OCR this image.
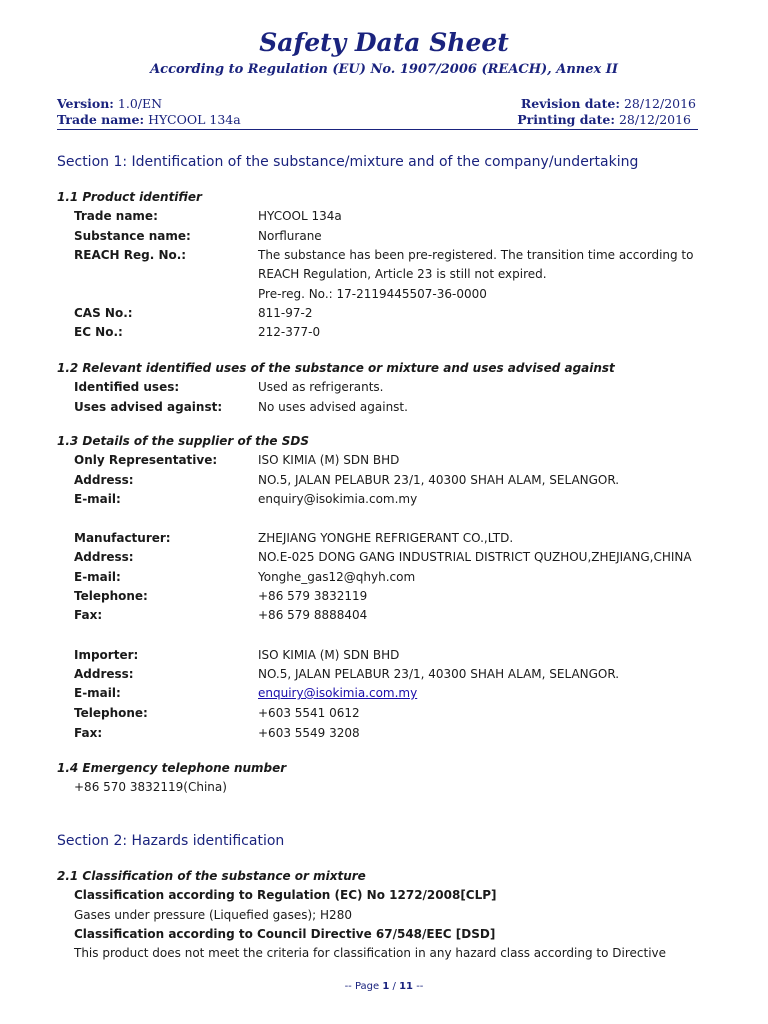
Safety Data Sheet
According to Regulation (EU) No. 1907/2006 (REACH), Annex II
Version: 1.0/EN
Trade name: HYCOOL 134a
Revision date: 28/12/2016
Printing date: 28/12/2016
Section 1: Identification of the substance/mixture and of the company/undertaking
1.1 Product identifier
Trade name:	HYCOOL 134a
Substance name:	Norflurane
REACH Reg. No.:	The substance has been pre-registered. The transition time according to
REACH Regulation, Article 23 is still not expired.
Pre-reg. No.: 17-2119445507-36-0000
CAS No.:	811-97-2
EC No.:	212-377-0
1.2 Relevant identified uses of the substance or mixture and uses advised against
Identified uses:	Used as refrigerants.
Uses advised against:	No uses advised against.
1.3 Details of the supplier of the SDS
Only Representative:	ISO KIMIA (M) SDN BHD
Address:	NO.5, JALAN PELABUR 23/1, 40300 SHAH ALAM, SELANGOR.
E-mail:	enquiry@isokimia.com.my
Manufacturer:	ZHEJIANG YONGHE REFRIGERANT CO.,LTD.
Address:	NO.E-025 DONG GANG INDUSTRIAL DISTRICT QUZHOU,ZHEJIANG,CHINA
E-mail:	Yonghe_gas12@qhyh.com
Telephone:	+86 579 3832119
Fax:	+86 579 8888404
Importer:	ISO KIMIA (M) SDN BHD
Address:	NO.5, JALAN PELABUR 23/1, 40300 SHAH ALAM, SELANGOR.
E-mail:	enquiry@isokimia.com.my
Telephone:	+603 5541 0612
Fax:	+603 5549 3208
1.4 Emergency telephone number
+86 570 3832119(China)
Section 2: Hazards identification
2.1 Classification of the substance or mixture
Classification according to Regulation (EC) No 1272/2008[CLP]
Gases under pressure (Liquefied gases); H280
Classification according to Council Directive 67/548/EEC [DSD]
This product does not meet the criteria for classification in any hazard class according to Directive
-- Page 1 / 11 --
